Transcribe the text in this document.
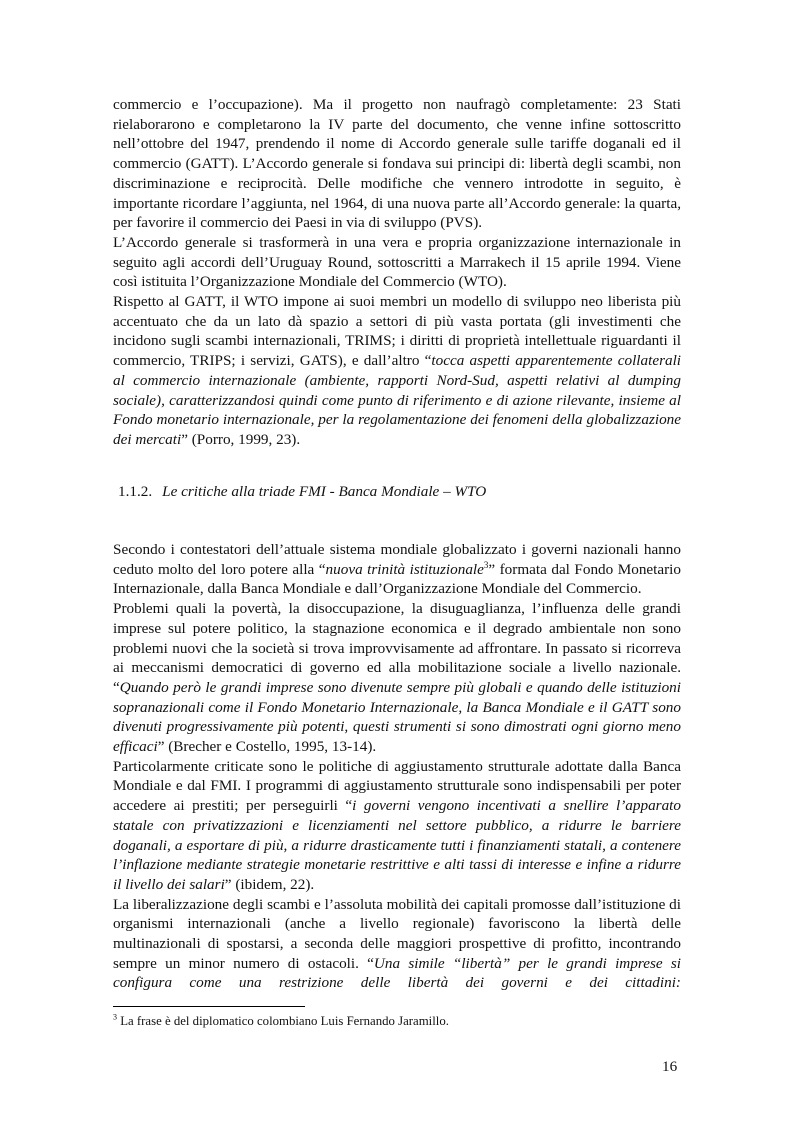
commercio e l’occupazione). Ma il progetto non naufragò completamente: 23 Stati rielaborarono e completarono la IV parte del documento, che venne infine sottoscritto nell’ottobre del 1947, prendendo il nome di Accordo generale sulle tariffe doganali ed il commercio (GATT). L’Accordo generale si fondava sui principi di: libertà degli scambi, non discriminazione e reciprocità. Delle modifiche che vennero introdotte in seguito, è importante ricordare l’aggiunta, nel 1964, di una nuova parte all’Accordo generale: la quarta, per favorire il commercio dei Paesi in via di sviluppo (PVS).

L’Accordo generale si trasformerà in una vera e propria organizzazione internazionale in seguito agli accordi dell’Uruguay Round, sottoscritti a Marrakech il 15 aprile 1994. Viene così istituita l’Organizzazione Mondiale del Commercio (WTO).

Rispetto al GATT, il WTO impone ai suoi membri un modello di sviluppo neo liberista più accentuato che da un lato dà spazio a settori di più vasta portata (gli investimenti che incidono sugli scambi internazionali, TRIMS; i diritti di proprietà intellettuale riguardanti il commercio, TRIPS; i servizi, GATS), e dall’altro “tocca aspetti apparentemente collaterali al commercio internazionale (ambiente, rapporti Nord-Sud, aspetti relativi al dumping sociale), caratterizzandosi quindi come punto di riferimento e di azione rilevante, insieme al Fondo monetario internazionale, per la regolamentazione dei fenomeni della globalizzazione dei mercati” (Porro, 1999, 23).

1.1.2. Le critiche alla triade FMI - Banca Mondiale – WTO

Secondo i contestatori dell’attuale sistema mondiale globalizzato i governi nazionali hanno ceduto molto del loro potere alla “nuova trinità istituzionale$^3$” formata dal Fondo Monetario Internazionale, dalla Banca Mondiale e dall’Organizzazione Mondiale del Commercio.

Problemi quali la povertà, la disoccupazione, la disuguaglianza, l’influenza delle grandi imprese sul potere politico, la stagnazione economica e il degrado ambientale non sono problemi nuovi che la società si trova improvvisamente ad affrontare. In passato si ricorreva ai meccanismi democratici di governo ed alla mobilitazione sociale a livello nazionale. “Quando però le grandi imprese sono divenute sempre più globali e quando delle istituzioni sopranazionali come il Fondo Monetario Internazionale, la Banca Mondiale e il GATT sono divenuti progressivamente più potenti, questi strumenti si sono dimostrati ogni giorno meno efficaci” (Brecher e Costello, 1995, 13-14).

Particolarmente criticate sono le politiche di aggiustamento strutturale adottate dalla Banca Mondiale e dal FMI. I programmi di aggiustamento strutturale sono indispensabili per poter accedere ai prestiti; per perseguirli “i governi vengono incentivati a snellire l’apparato statale con privatizzazioni e licenziamenti nel settore pubblico, a ridurre le barriere doganali, a esportare di più, a ridurre drasticamente tutti i finanziamenti statali, a contenere l’inflazione mediante strategie monetarie restrittive e alti tassi di interesse e infine a ridurre il livello dei salari” (ibidem, 22).

La liberalizzazione degli scambi e l’assoluta mobilità dei capitali promosse dall’istituzione di organismi internazionali (anche a livello regionale) favoriscono la libertà delle multinazionali di spostarsi, a seconda delle maggiori prospettive di profitto, incontrando sempre un minor numero di ostacoli. “Una simile “libertà” per le grandi imprese si configura come una restrizione delle libertà dei governi e dei cittadini:

$^3$ La frase è del diplomatico colombiano Luis Fernando Jaramillo.
16
